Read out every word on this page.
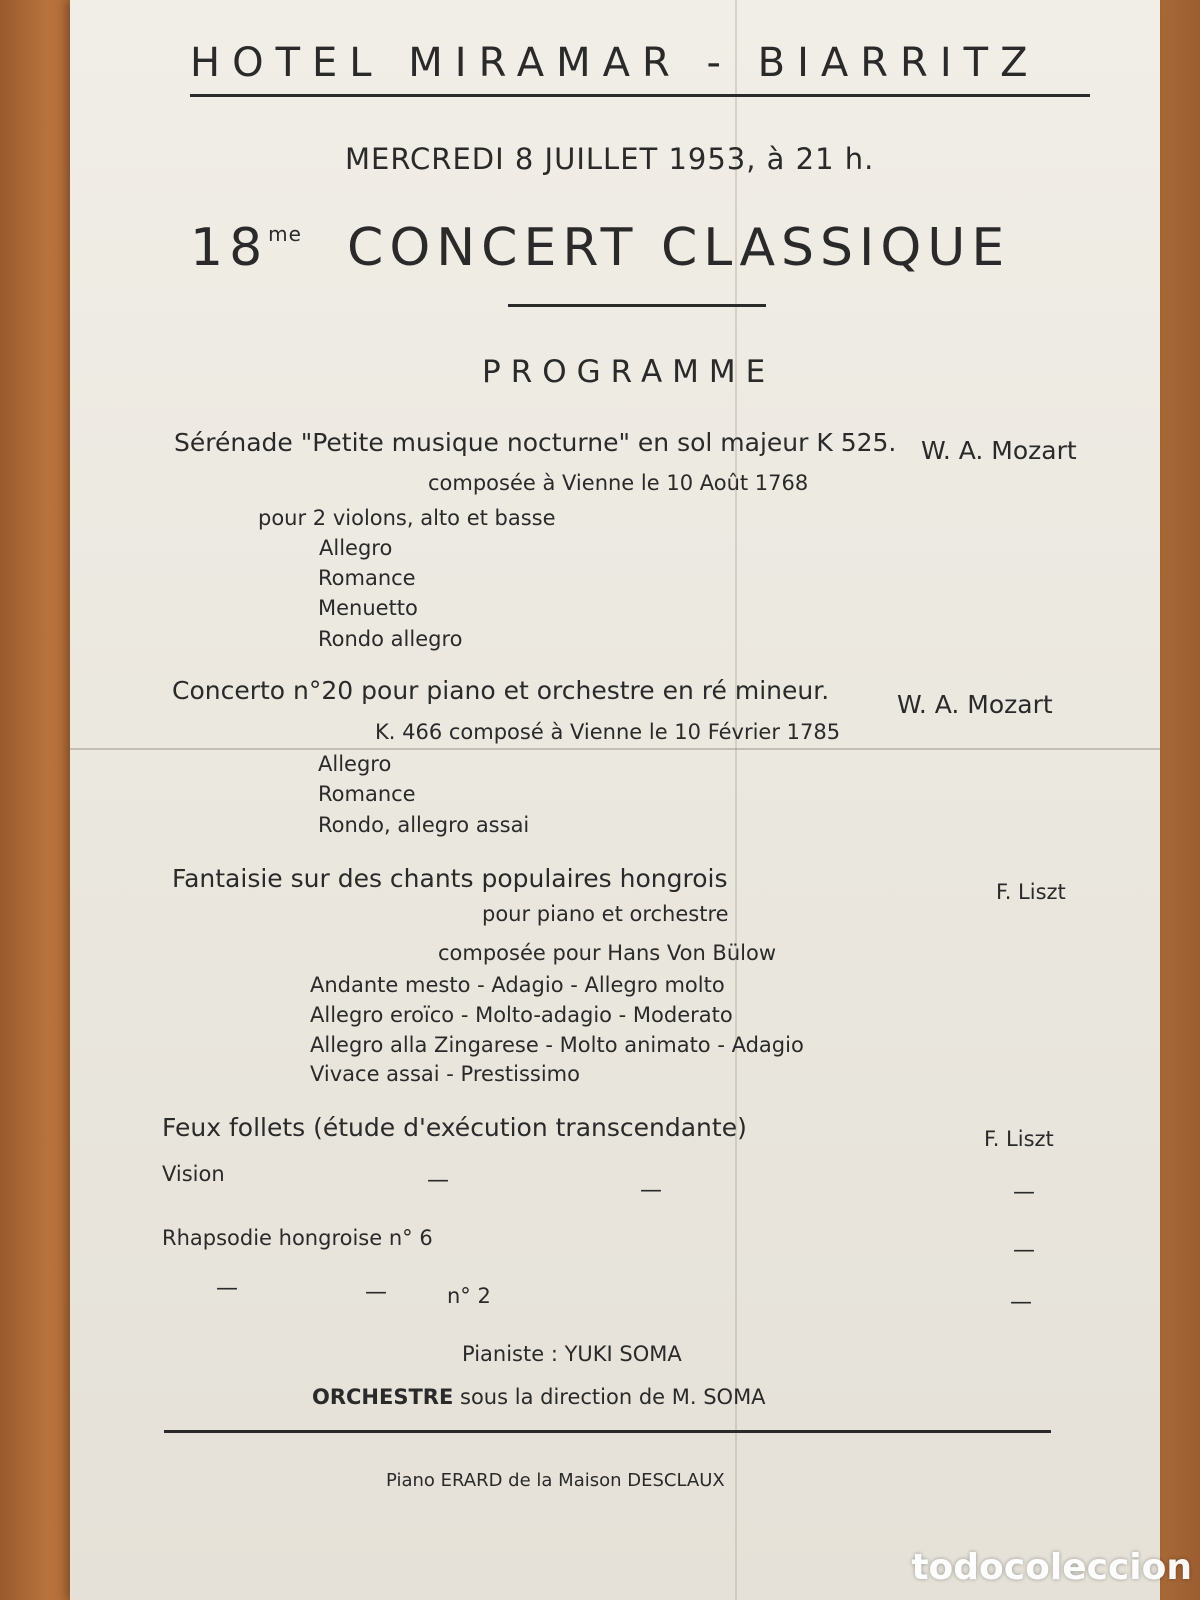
HOTEL MIRAMAR - BIARRITZ
MERCREDI 8 JUILLET 1953, à 21 h.
$18^{me}$ CONCERT CLASSIQUE
PROGRAMME
Sérénade "Petite musique nocturne" en sol majeur K 525. W. A. Mozart
composée à Vienne le 10 Août 1768
pour 2 violons, alto et basse
Allegro
Romance
Menuetto
Rondo allegro
Concerto n°20 pour piano et orchestre en ré mineur.	W. A. Mozart
K. 466 composé à Vienne le 10 Février 1785
Allegro
Romance
Rondo, allegro assai
Fantaisie sur des chants populaires hongrois	F. Liszt
pour piano et orchestre
composée pour Hans Von Bülow
Andante mesto - Adagio - Allegro molto
Allegro eroïco - Molto-adagio - Moderato
Allegro alla Zingarese - Molto animato - Adagio
Vivace assai - Prestissimo
Feux follets (étude d'exécution transcendante)	F. Liszt
Vision	—	—	—
Rhapsodie hongroise n° 6	—
—	—	n° 2	—
Pianiste : YUKI SOMA
ORCHESTRE sous la direction de M. SOMA
Piano ERARD de la Maison DESCLAUX
todocoleccion
